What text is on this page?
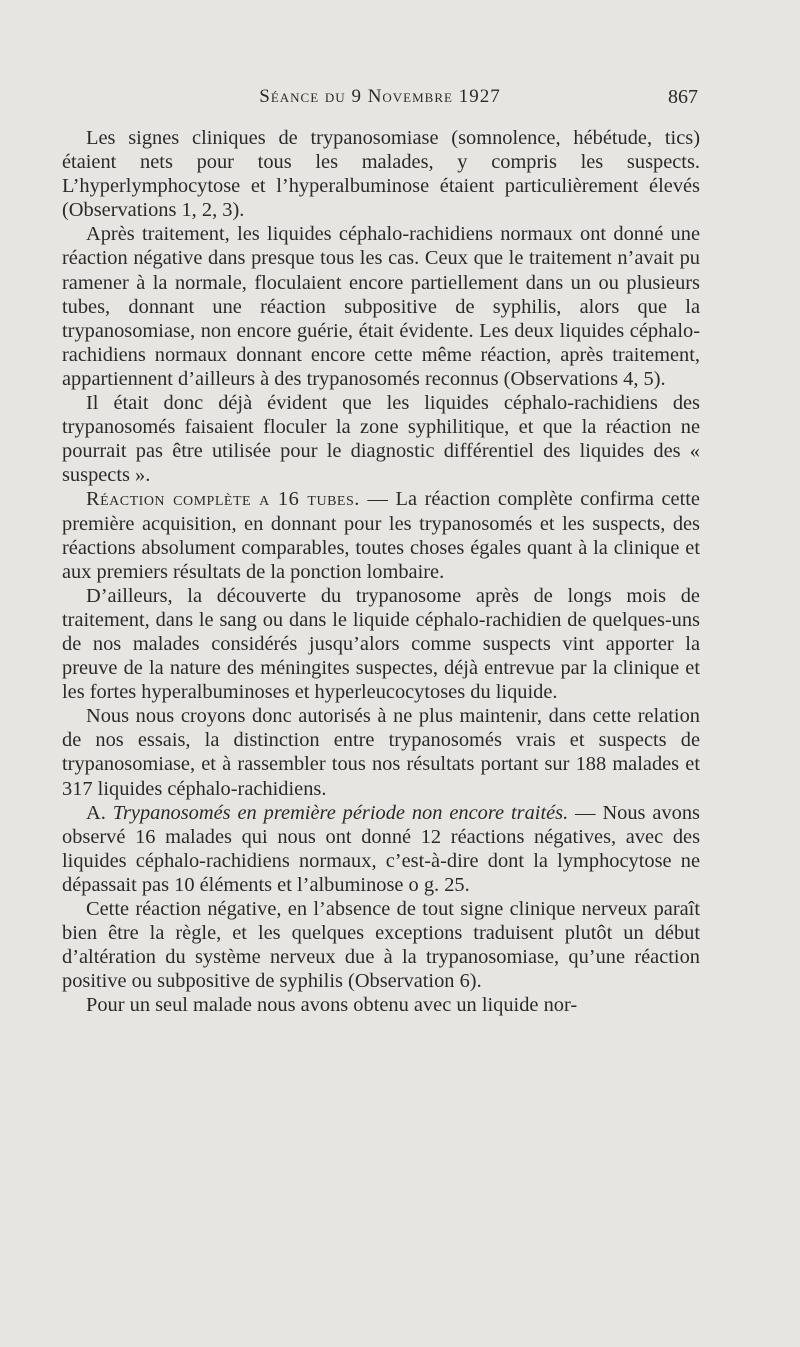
Séance du 9 Novembre 1927	867

Les signes cliniques de trypanosomiase (somnolence, hébétude, tics) étaient nets pour tous les malades, y compris les suspects. L’hyperlymphocytose et l’hyperalbuminose étaient particulièrement élevés (Observations 1, 2, 3).

Après traitement, les liquides céphalo-rachidiens normaux ont donné une réaction négative dans presque tous les cas. Ceux que le traitement n’avait pu ramener à la normale, floculaient encore partiellement dans un ou plusieurs tubes, donnant une réaction subpositive de syphilis, alors que la trypanosomiase, non encore guérie, était évidente. Les deux liquides céphalo-rachidiens normaux donnant encore cette même réaction, après traitement, appartiennent d’ailleurs à des trypanosomés reconnus (Observations 4, 5).

Il était donc déjà évident que les liquides céphalo-rachidiens des trypanosomés faisaient floculer la zone syphilitique, et que la réaction ne pourrait pas être utilisée pour le diagnostic différentiel des liquides des « suspects ».

Réaction complète a 16 tubes. — La réaction complète confirma cette première acquisition, en donnant pour les trypanosomés et les suspects, des réactions absolument comparables, toutes choses égales quant à la clinique et aux premiers résultats de la ponction lombaire.

D’ailleurs, la découverte du trypanosome après de longs mois de traitement, dans le sang ou dans le liquide céphalo-rachidien de quelques-uns de nos malades considérés jusqu’alors comme suspects vint apporter la preuve de la nature des méningites suspectes, déjà entrevue par la clinique et les fortes hyperalbuminoses et hyperleucocytoses du liquide.

Nous nous croyons donc autorisés à ne plus maintenir, dans cette relation de nos essais, la distinction entre trypanosomés vrais et suspects de trypanosomiase, et à rassembler tous nos résultats portant sur 188 malades et 317 liquides céphalo-rachidiens.

A. Trypanosomés en première période non encore traités. — Nous avons observé 16 malades qui nous ont donné 12 réactions négatives, avec des liquides céphalo-rachidiens normaux, c’est-à-dire dont la lymphocytose ne dépassait pas 10 éléments et l’albuminose o g. 25.

Cette réaction négative, en l’absence de tout signe clinique nerveux paraît bien être la règle, et les quelques exceptions traduisent plutôt un début d’altération du système nerveux due à la trypanosomiase, qu’une réaction positive ou subpositive de syphilis (Observation 6).

Pour un seul malade nous avons obtenu avec un liquide nor-
